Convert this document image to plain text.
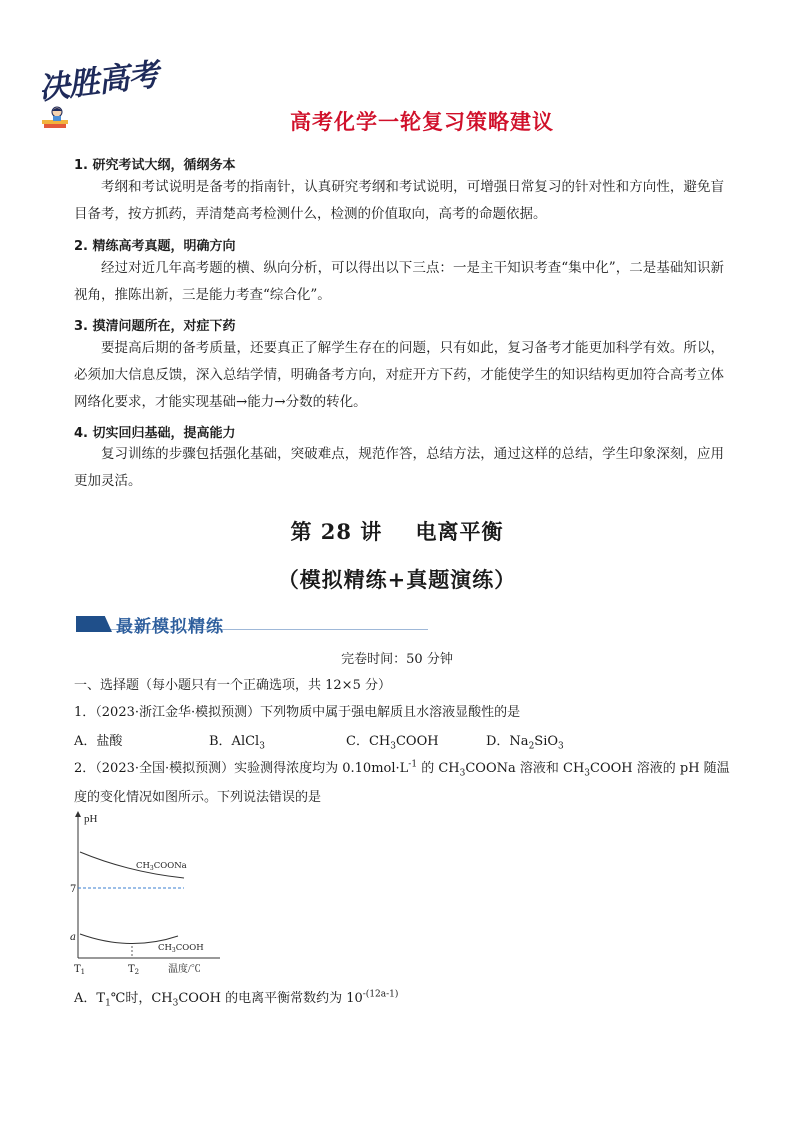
决胜高考
高考化学一轮复习策略建议
1. 研究考试大纲，循纲务本
考纲和考试说明是备考的指南针，认真研究考纲和考试说明，可增强日常复习的针对性和方向性，避免盲目备考，按方抓药，弄清楚高考检测什么，检测的价值取向，高考的命题依据。
2. 精练高考真题，明确方向
经过对近几年高考题的横、纵向分析，可以得出以下三点：一是主干知识考查“集中化”，二是基础知识新视角，推陈出新，三是能力考查“综合化”。
3. 摸清问题所在，对症下药
要提高后期的备考质量，还要真正了解学生存在的问题，只有如此，复习备考才能更加科学有效。所以，必须加大信息反馈，深入总结学情，明确备考方向，对症开方下药，才能使学生的知识结构更加符合高考立体网络化要求，才能实现基础→能力→分数的转化。
4. 切实回归基础，提高能力
复习训练的步骤包括强化基础，突破难点，规范作答，总结方法，通过这样的总结，学生印象深刻，应用更加灵活。
第 28 讲    电离平衡
（模拟精练+真题演练）
最新模拟精练
完卷时间：50 分钟
一、选择题（每小题只有一个正确选项，共 12×5 分）
1．（2023·浙江金华·模拟预测）下列物质中属于强电解质且水溶液显酸性的是
A．盐酸	B．AlCl$_3$	C．$CH_3COOH$	D．$Na_2SiO_3$
2．（2023·全国·模拟预测）实验测得浓度均为 $0.10mol\cdot L^{-1}$ 的 $CH_3COONa$ 溶液和 $CH_3COOH$ 溶液的 pH 随温
度的变化情况如图所示。下列说法错误的是
pH
温度/℃
7
a
$T_1$	$T_2$
$CH_3COONa$
$CH_3COOH$
A．$T_1℃$时，$CH_3COOH$ 的电离平衡常数约为 $10^{-(12a-1)}$
